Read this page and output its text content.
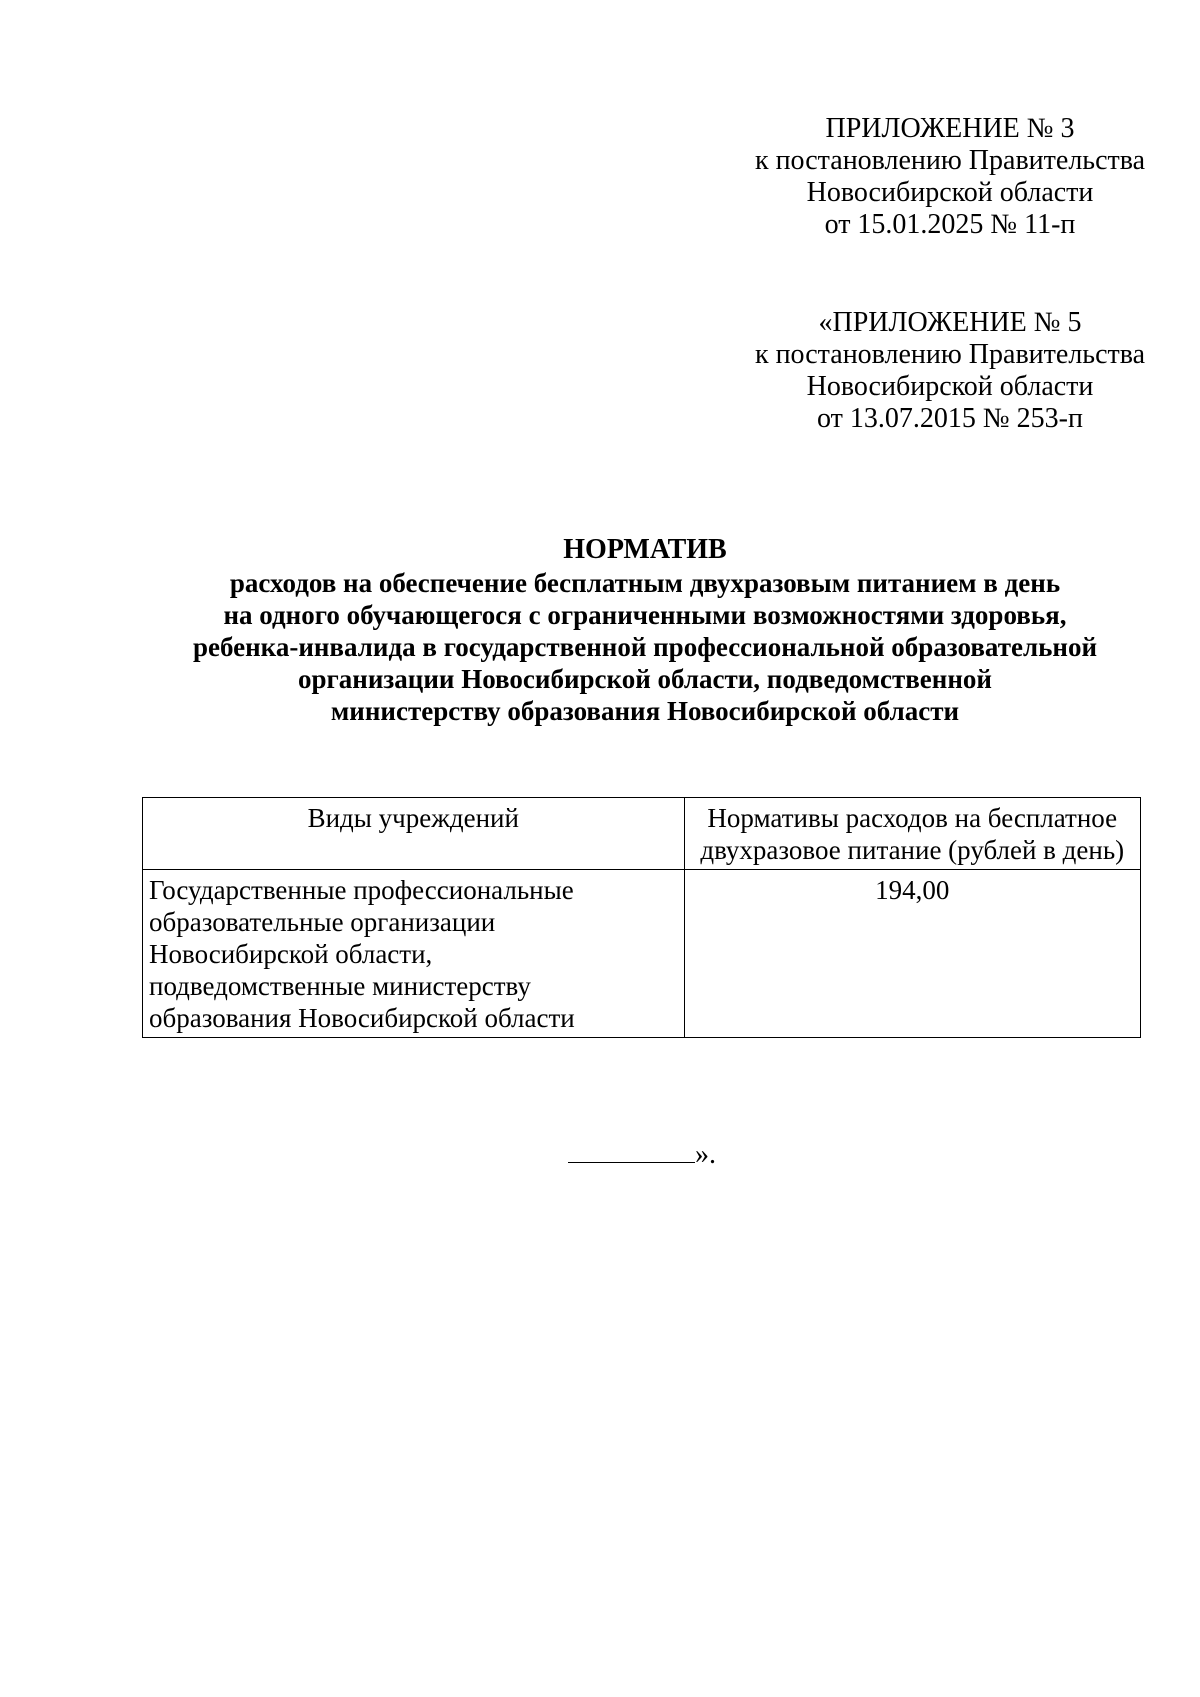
ПРИЛОЖЕНИЕ № 3
к постановлению Правительства
Новосибирской области
от 15.01.2025 № 11-п
«ПРИЛОЖЕНИЕ № 5
к постановлению Правительства
Новосибирской области
от 13.07.2015 № 253-п
НОРМАТИВ
расходов на обеспечение бесплатным двухразовым питанием в день
на одного обучающегося с ограниченными возможностями здоровья,
ребенка-инвалида в государственной профессиональной образовательной
организации Новосибирской области, подведомственной
министерству образования Новосибирской области
Виды учреждений	Нормативы расходов на бесплатное
двухразовое питание (рублей в день)

Государственные профессиональные
образовательные организации
Новосибирской области,
подведомственные министерству
образования Новосибирской области	194,00
».
